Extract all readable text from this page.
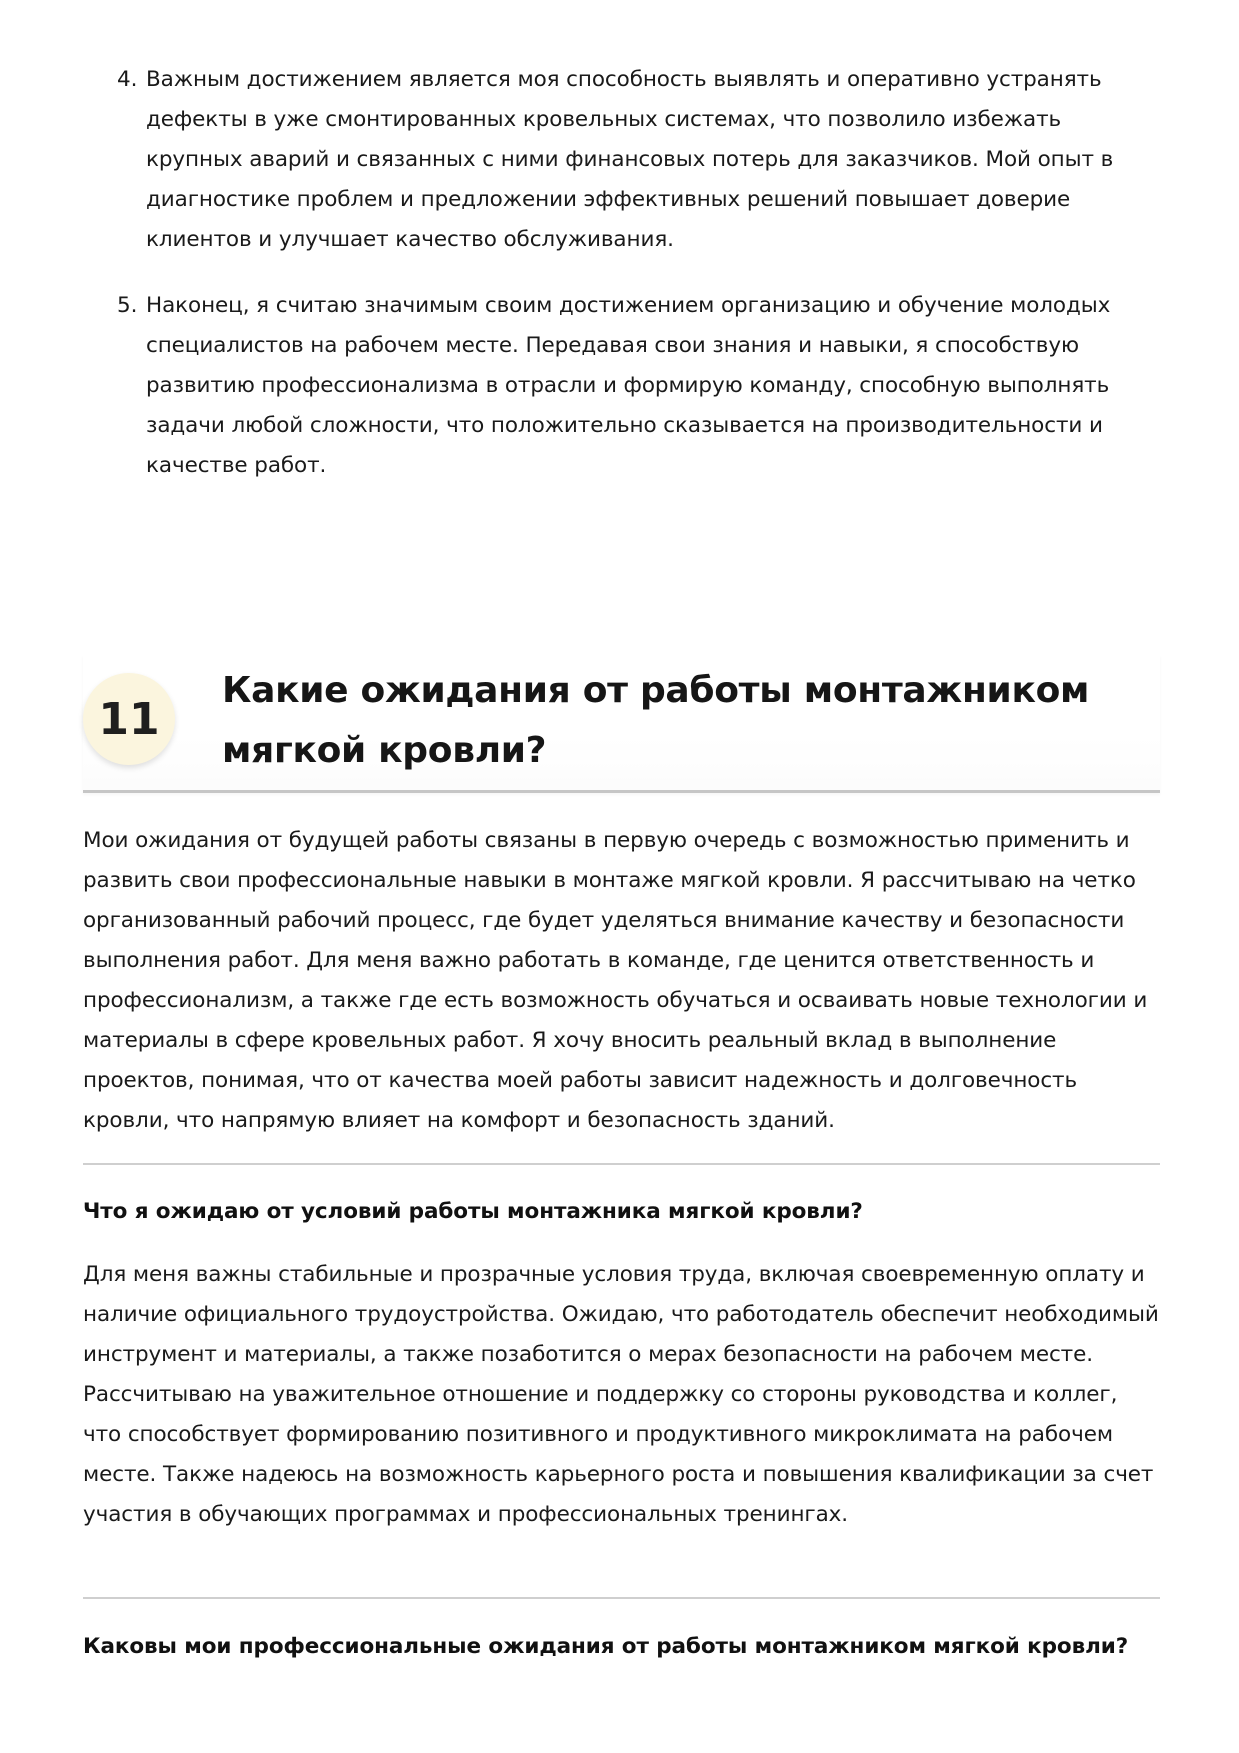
4. Важным достижением является моя способность выявлять и оперативно устранять дефекты в уже смонтированных кровельных системах, что позволило избежать крупных аварий и связанных с ними финансовых потерь для заказчиков. Мой опыт в диагностике проблем и предложении эффективных решений повышает доверие клиентов и улучшает качество обслуживания.
5. Наконец, я считаю значимым своим достижением организацию и обучение молодых специалистов на рабочем месте. Передавая свои знания и навыки, я способствую развитию профессионализма в отрасли и формирую команду, способную выполнять задачи любой сложности, что положительно сказывается на производительности и качестве работ.
11
Какие ожидания от работы монтажником мягкой кровли?
Мои ожидания от будущей работы связаны в первую очередь с возможностью применить и развить свои профессиональные навыки в монтаже мягкой кровли. Я рассчитываю на четко организованный рабочий процесс, где будет уделяться внимание качеству и безопасности выполнения работ. Для меня важно работать в команде, где ценится ответственность и профессионализм, а также где есть возможность обучаться и осваивать новые технологии и материалы в сфере кровельных работ. Я хочу вносить реальный вклад в выполнение проектов, понимая, что от качества моей работы зависит надежность и долговечность кровли, что напрямую влияет на комфорт и безопасность зданий.
Что я ожидаю от условий работы монтажника мягкой кровли?
Для меня важны стабильные и прозрачные условия труда, включая своевременную оплату и наличие официального трудоустройства. Ожидаю, что работодатель обеспечит необходимый инструмент и материалы, а также позаботится о мерах безопасности на рабочем месте. Рассчитываю на уважительное отношение и поддержку со стороны руководства и коллег, что способствует формированию позитивного и продуктивного микроклимата на рабочем месте. Также надеюсь на возможность карьерного роста и повышения квалификации за счет участия в обучающих программах и профессиональных тренингах.
Каковы мои профессиональные ожидания от работы монтажником мягкой кровли?
